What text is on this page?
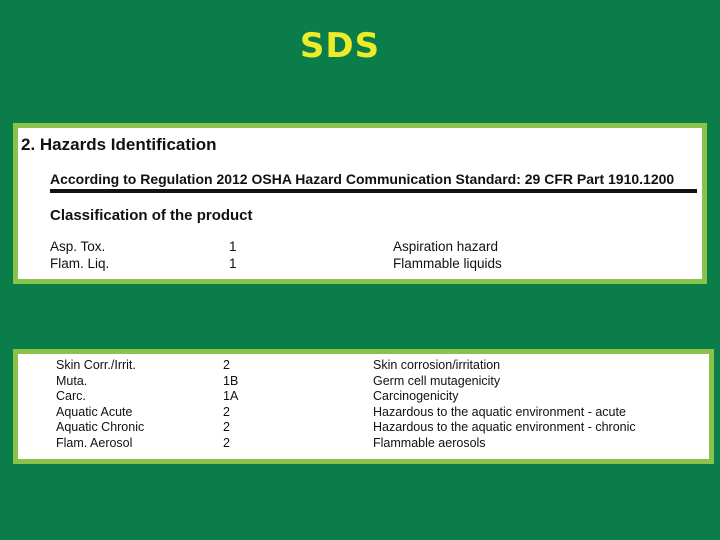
SDS
2. Hazards Identification
According to Regulation 2012 OSHA Hazard Communication Standard: 29 CFR Part 1910.1200
Classification of the product
Asp. Tox.	1	Aspiration hazard
Flam. Liq.	1	Flammable liquids
Skin Corr./Irrit.	2	Skin corrosion/irritation
Muta.	1B	Germ cell mutagenicity
Carc.	1A	Carcinogenicity
Aquatic Acute	2	Hazardous to the aquatic environment - acute
Aquatic Chronic	2	Hazardous to the aquatic environment - chronic
Flam. Aerosol	2	Flammable aerosols
